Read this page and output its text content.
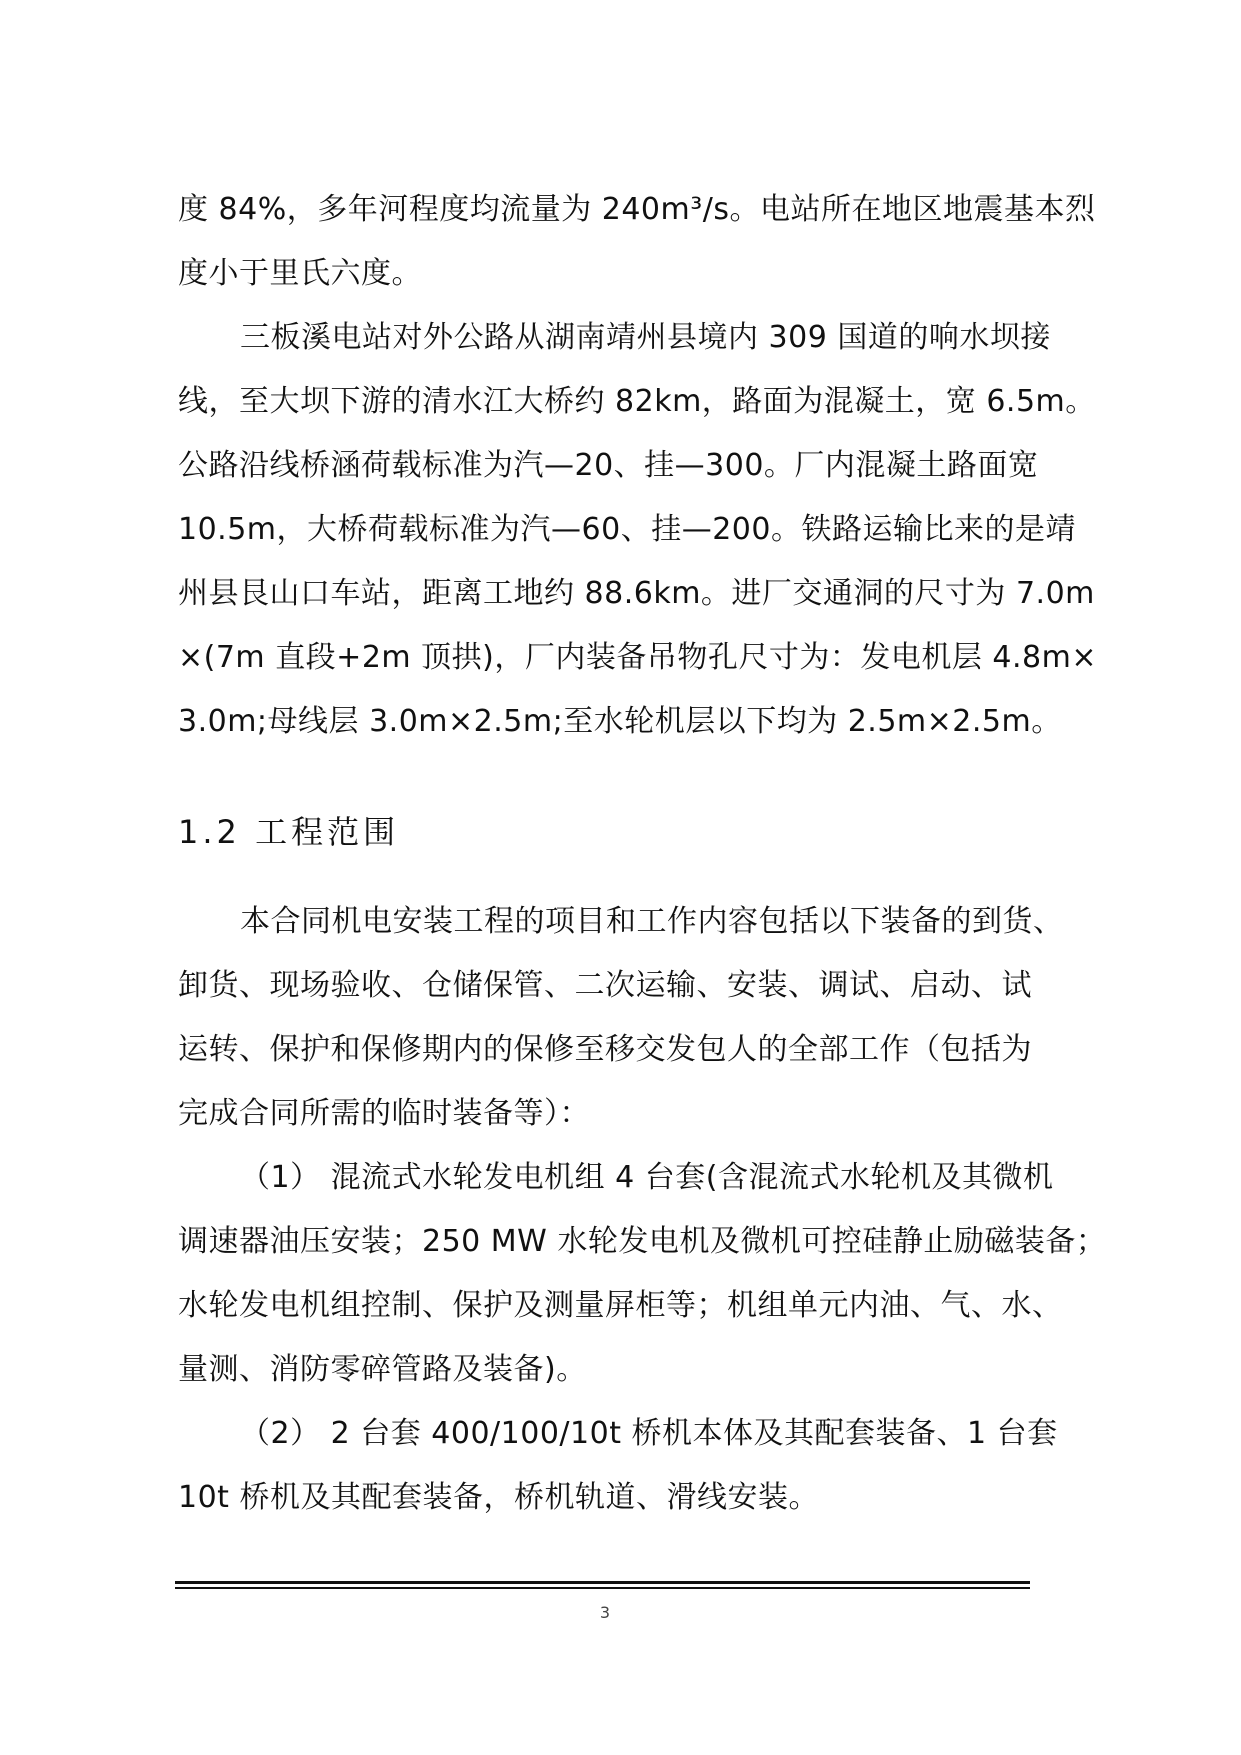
度 84%，多年河程度均流量为 240m³/s。电站所在地区地震基本烈
度小于里氏六度。
三板溪电站对外公路从湖南靖州县境内 309 国道的响水坝接
线，至大坝下游的清水江大桥约 82km，路面为混凝土，宽 6.5m。
公路沿线桥涵荷载标准为汽—20、挂—300。厂内混凝土路面宽
10.5m，大桥荷载标准为汽—60、挂—200。铁路运输比来的是靖
州县艮山口车站，距离工地约 88.6km。进厂交通洞的尺寸为 7.0m
×(7m 直段+2m 顶拱)，厂内装备吊物孔尺寸为：发电机层 4.8m×
3.0m;母线层 3.0m×2.5m;至水轮机层以下均为 2.5m×2.5m。
1.2 工程范围
本合同机电安装工程的项目和工作内容包括以下装备的到货、
卸货、现场验收、仓储保管、二次运输、安装、调试、启动、试
运转、保护和保修期内的保修至移交发包人的全部工作（包括为
完成合同所需的临时装备等）：
（1） 混流式水轮发电机组 4 台套(含混流式水轮机及其微机
调速器油压安装；250 MW 水轮发电机及微机可控硅静止励磁装备；
水轮发电机组控制、保护及测量屏柜等；机组单元内油、气、水、
量测、消防零碎管路及装备)。
（2） 2 台套 400/100/10t 桥机本体及其配套装备、1 台套
10t 桥机及其配套装备，桥机轨道、滑线安装。
3
